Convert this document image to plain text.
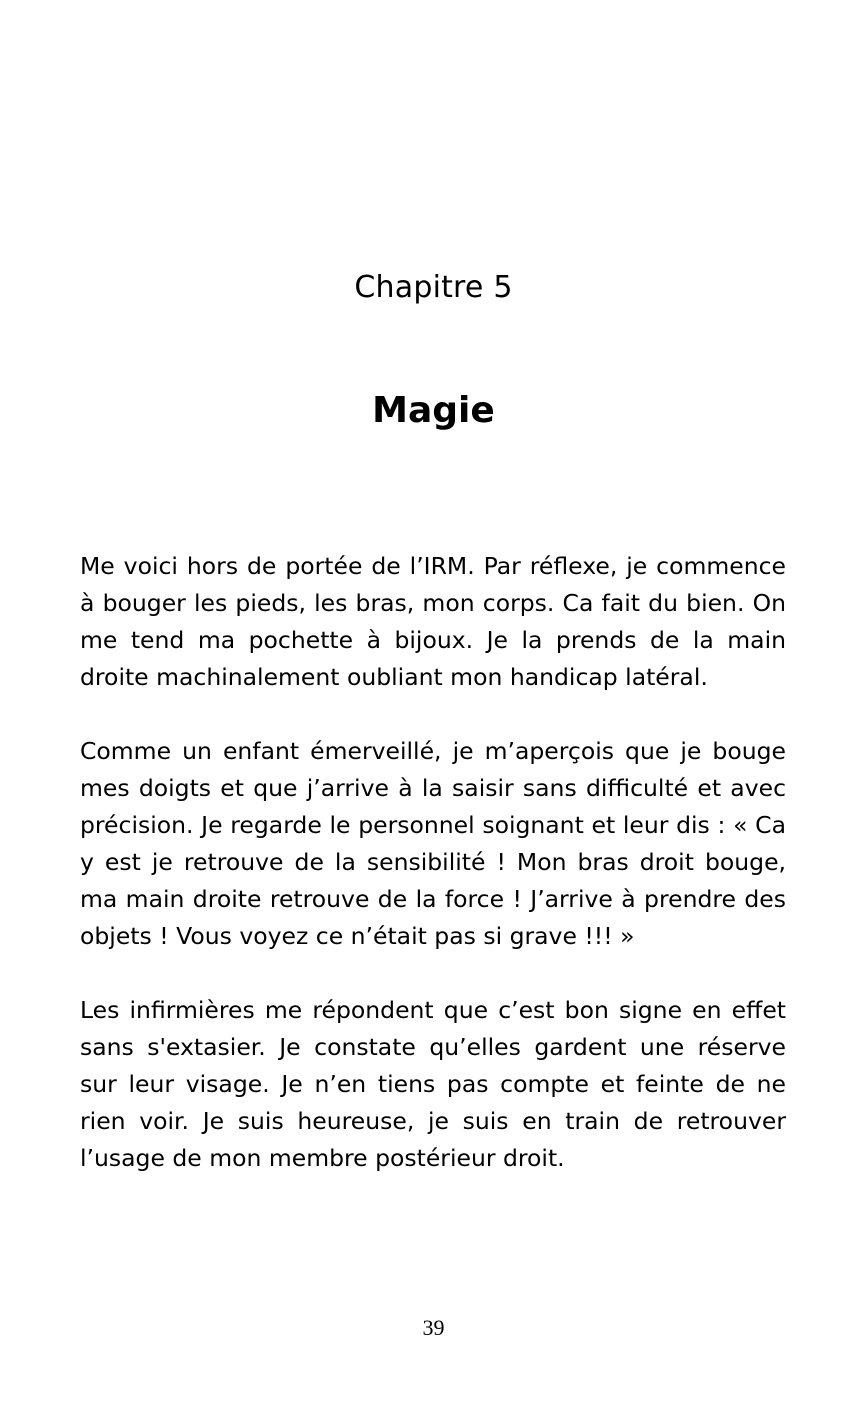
Chapitre 5
Magie

Me voici hors de portée de l’IRM. Par réflexe, je commence à bouger les pieds, les bras, mon corps. Ca fait du bien. On me tend ma pochette à bijoux. Je la prends de la main droite machinalement oubliant mon handicap latéral.

Comme un enfant émerveillé, je m’aperçois que je bouge mes doigts et que j’arrive à la saisir sans difficulté et avec précision. Je regarde le personnel soignant et leur dis : « Ca y est je retrouve de la sensibilité ! Mon bras droit bouge, ma main droite retrouve de la force ! J’arrive à prendre des objets ! Vous voyez ce n’était pas si grave !!! »

Les infirmières me répondent que c’est bon signe en effet sans s'extasier. Je constate qu’elles gardent une réserve sur leur visage. Je n’en tiens pas compte et feinte de ne rien voir. Je suis heureuse, je suis en train de retrouver l’usage de mon membre postérieur droit.

39
